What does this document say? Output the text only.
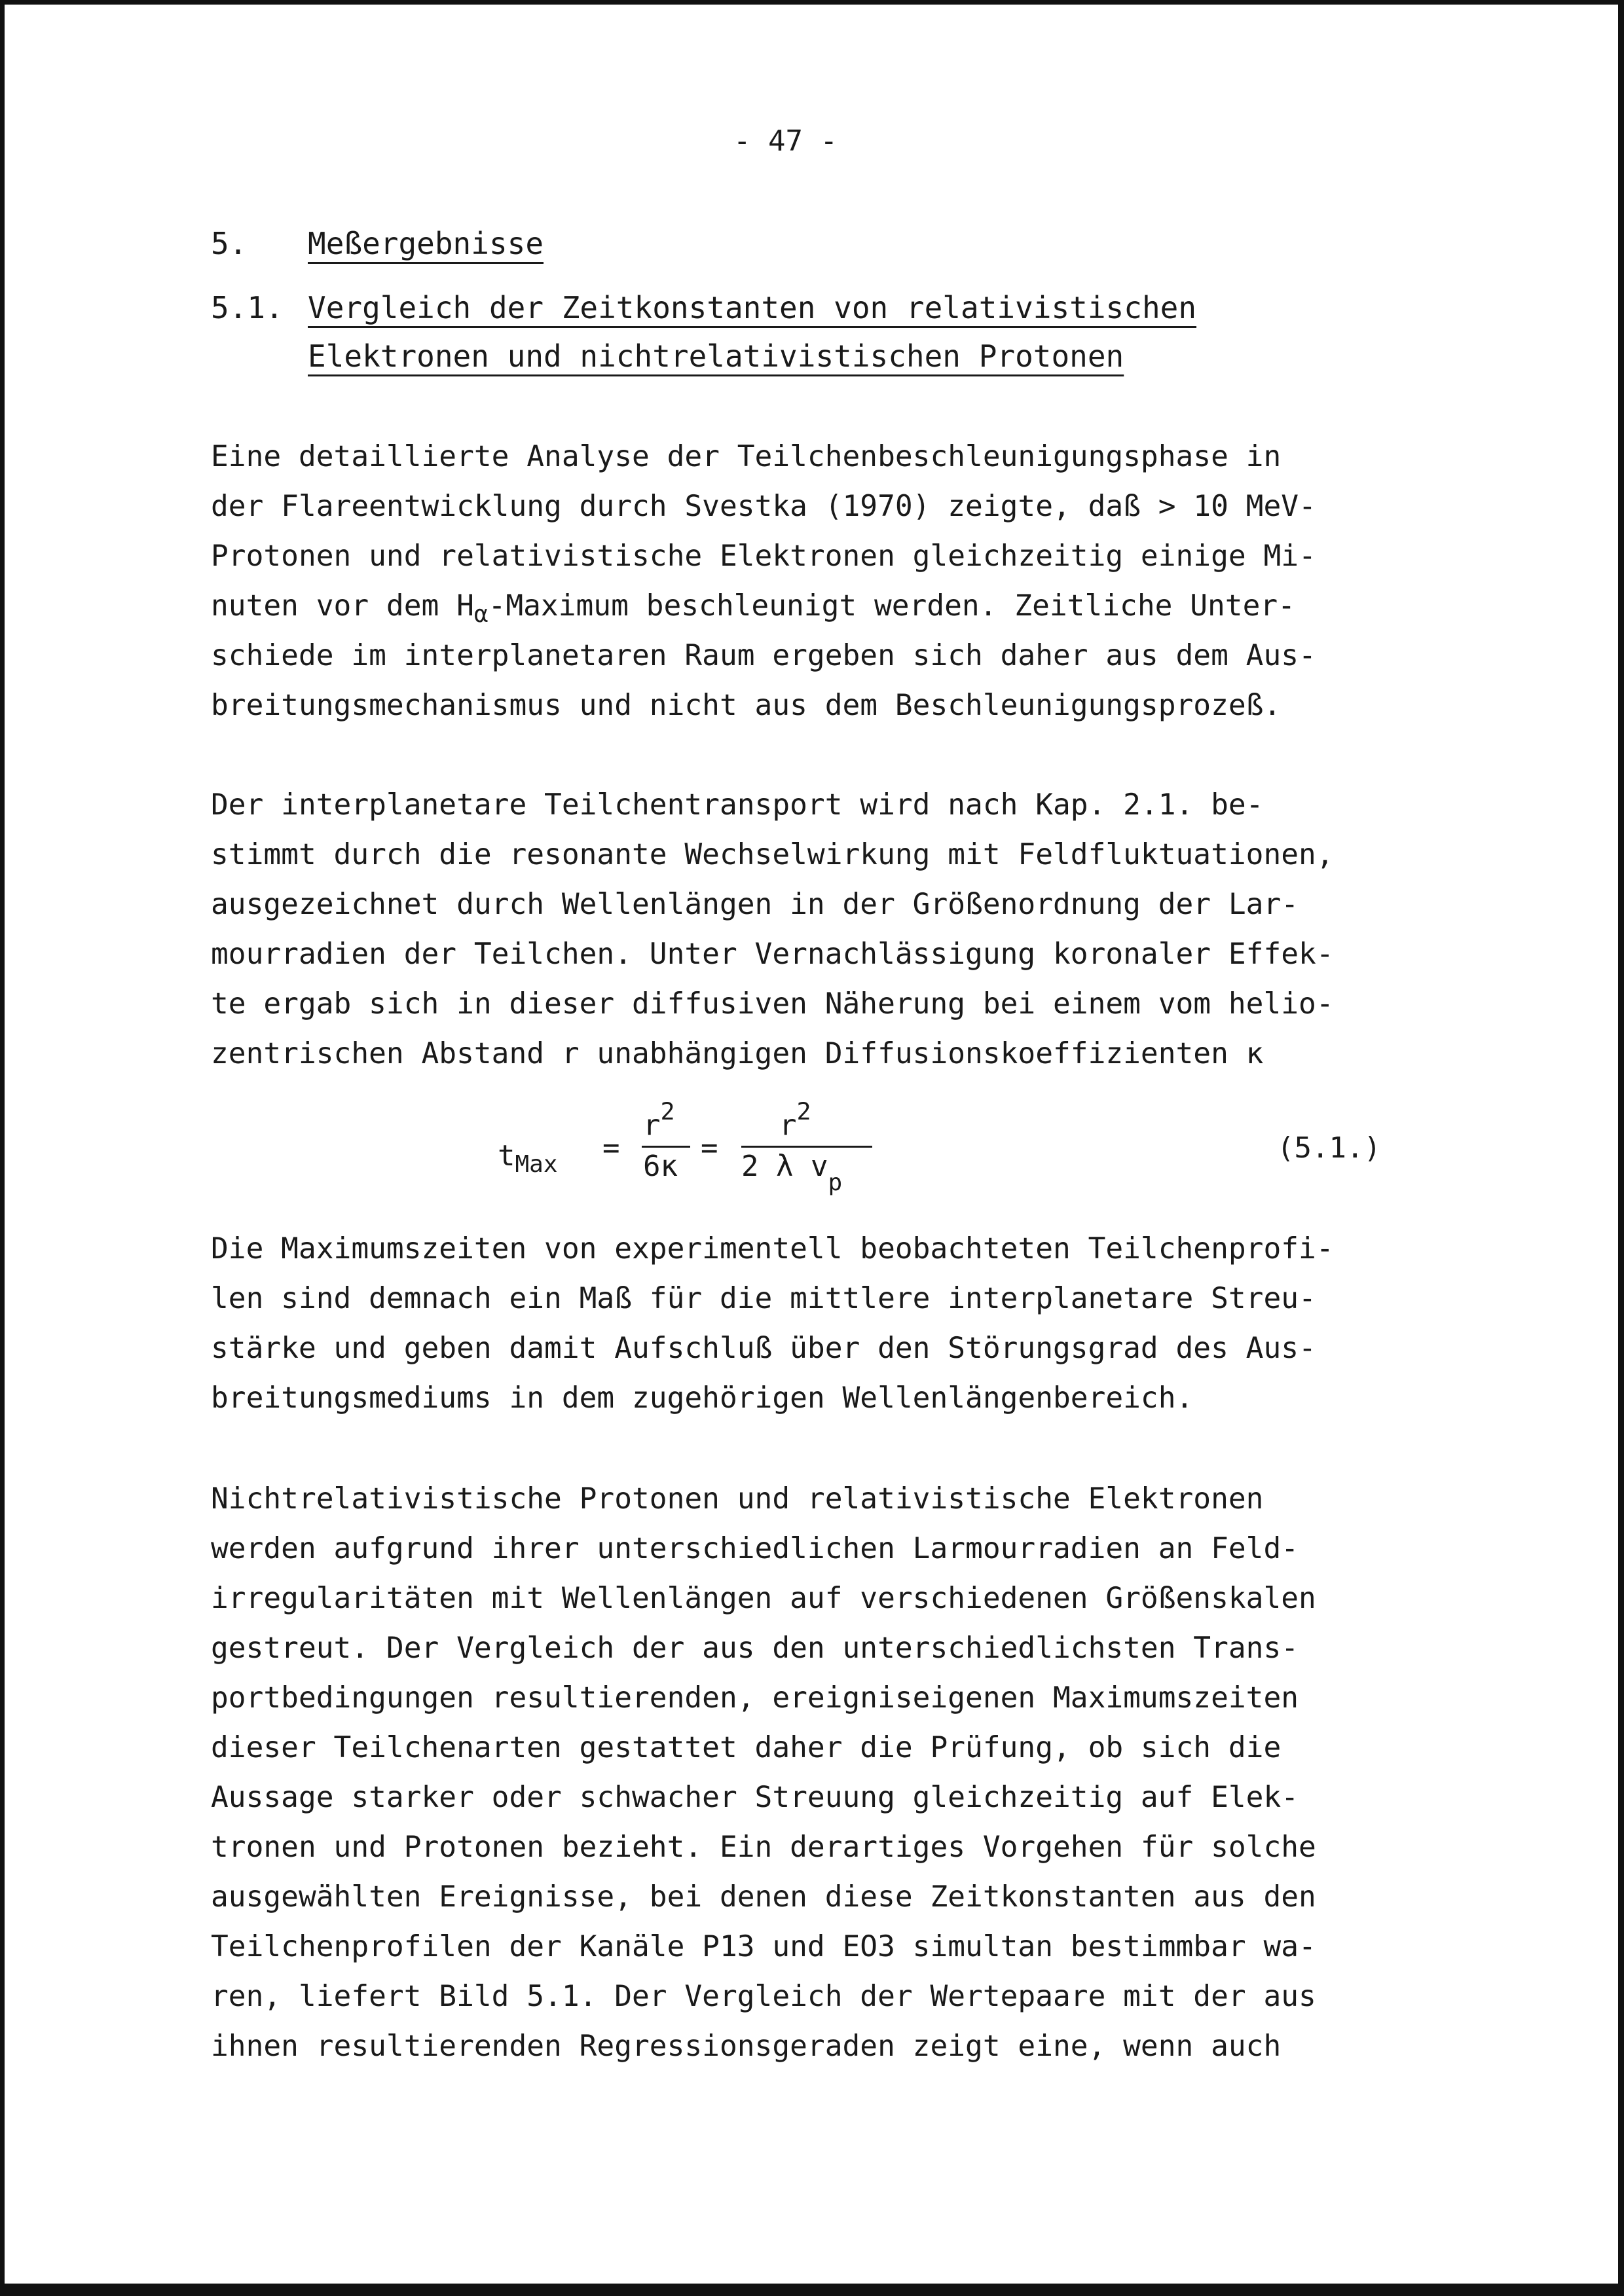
- 47 -

5.

Meßergebnisse

5.1.

Vergleich der Zeitkonstanten von relativistischen

Elektronen und nichtrelativistischen Protonen

Eine detaillierte Analyse der Teilchenbeschleunigungsphase in
der Flareentwicklung durch Svestka (1970) zeigte, daß > 10 MeV-
Protonen und relativistische Elektronen gleichzeitig einige Mi-
nuten vor dem $H_\alpha$-Maximum beschleunigt werden. Zeitliche Unter-
schiede im interplanetaren Raum ergeben sich daher aus dem Aus-
breitungsmechanismus und nicht aus dem Beschleunigungsprozeß.
Der interplanetare Teilchentransport wird nach Kap. 2.1. be-
stimmt durch die resonante Wechselwirkung mit Feldfluktuationen,
ausgezeichnet durch Wellenlängen in der Größenordnung der Lar-
mourradien der Teilchen. Unter Vernachlässigung koronaler Effek-
te ergab sich in dieser diffusiven Näherung bei einem vom helio-
zentrischen Abstand r unabhängigen Diffusionskoeffizienten κ
$t_{Max}$ =
$r^2$
6κ
=
$r^2$
2 λ $v_p$
(5.1.)
Die Maximumszeiten von experimentell beobachteten Teilchenprofi-
len sind demnach ein Maß für die mittlere interplanetare Streu-
stärke und geben damit Aufschluß über den Störungsgrad des Aus-
breitungsmediums in dem zugehörigen Wellenlängenbereich.
Nichtrelativistische Protonen und relativistische Elektronen
werden aufgrund ihrer unterschiedlichen Larmourradien an Feld-
irregularitäten mit Wellenlängen auf verschiedenen Größenskalen
gestreut. Der Vergleich der aus den unterschiedlichsten Trans-
portbedingungen resultierenden, ereigniseigenen Maximumszeiten
dieser Teilchenarten gestattet daher die Prüfung, ob sich die
Aussage starker oder schwacher Streuung gleichzeitig auf Elek-
tronen und Protonen bezieht. Ein derartiges Vorgehen für solche
ausgewählten Ereignisse, bei denen diese Zeitkonstanten aus den
Teilchenprofilen der Kanäle P13 und EO3 simultan bestimmbar wa-
ren, liefert Bild 5.1. Der Vergleich der Wertepaare mit der aus
ihnen resultierenden Regressionsgeraden zeigt eine, wenn auch
